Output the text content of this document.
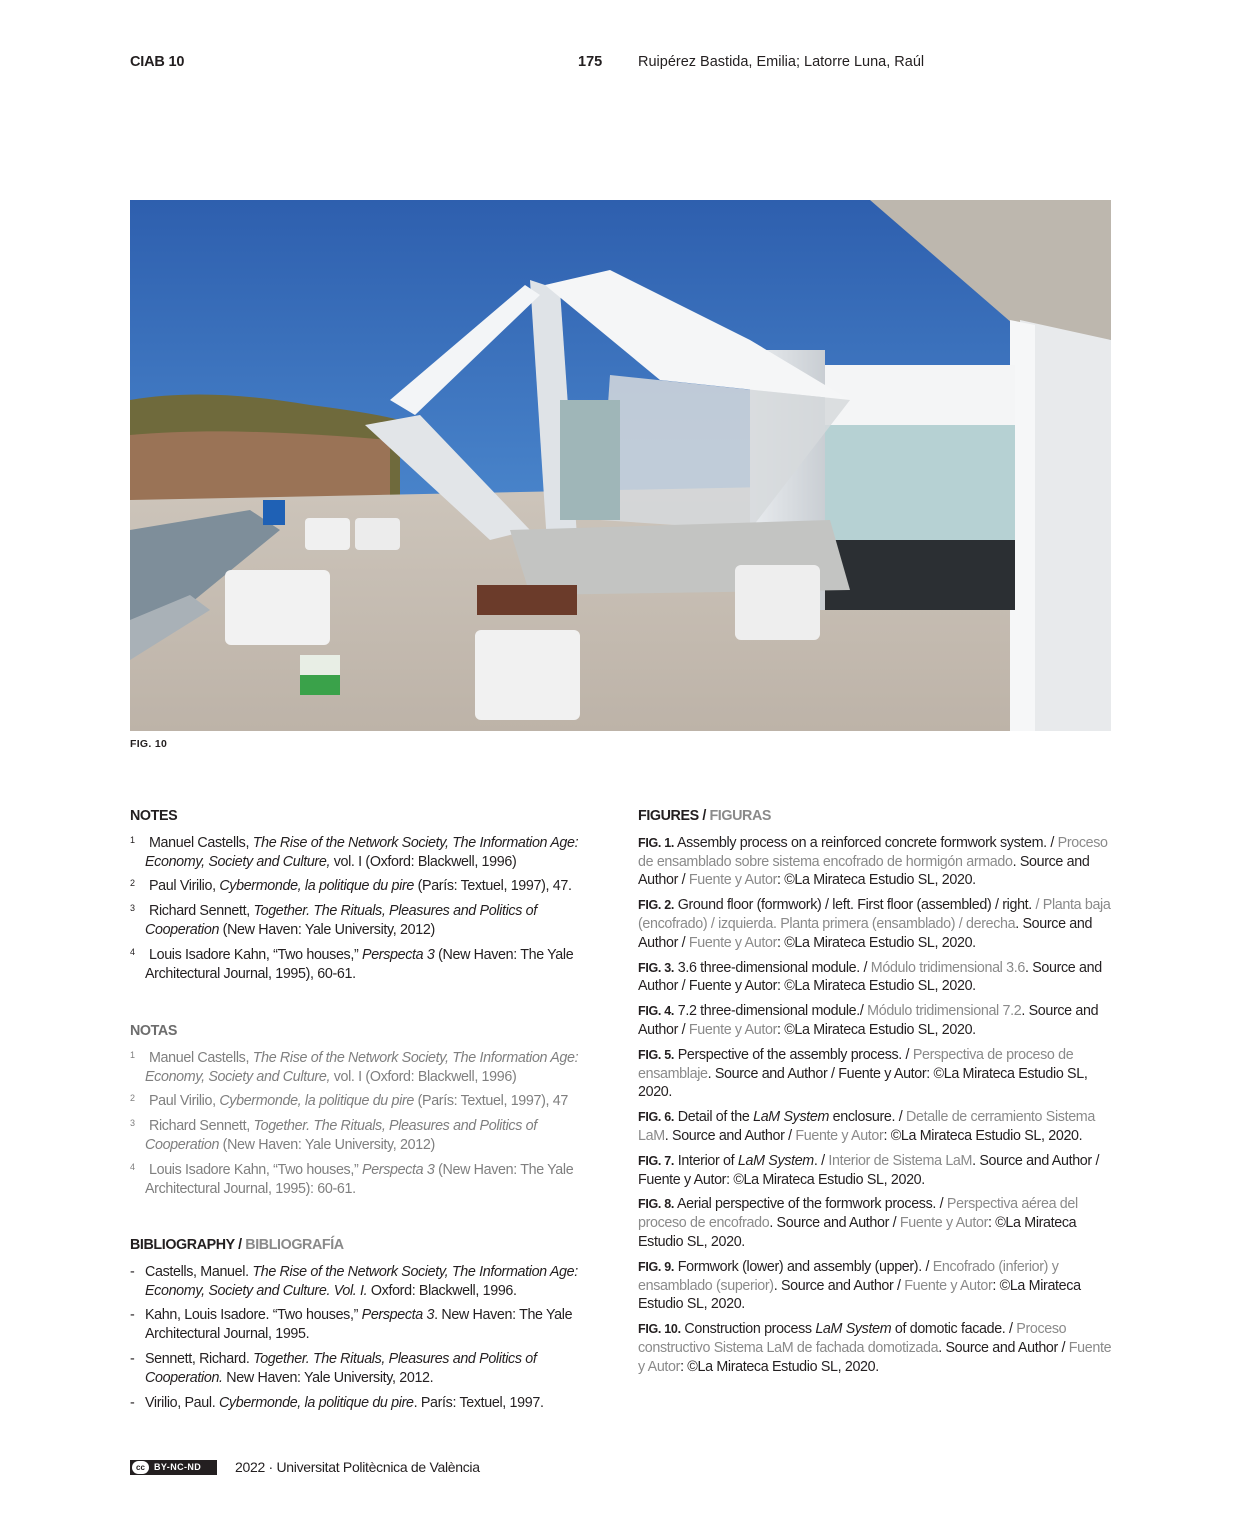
CIAB 10	175 Ruipérez Bastida, Emilia; Latorre Luna, Raúl
FIG. 10
NOTES
1 Manuel Castells, The Rise of the Network Society, The Information Age: Economy, Society and Culture, vol. I (Oxford: Blackwell, 1996)
2 Paul Virilio, Cybermonde, la politique du pire (París: Textuel, 1997), 47.
3 Richard Sennett, Together. The Rituals, Pleasures and Politics of Cooperation (New Haven: Yale University, 2012)
4 Louis Isadore Kahn, “Two houses,” Perspecta 3 (New Haven: The Yale Architectural Journal, 1995), 60-61.
NOTAS
1 Manuel Castells, The Rise of the Network Society, The Information Age: Economy, Society and Culture, vol. I (Oxford: Blackwell, 1996)
2 Paul Virilio, Cybermonde, la politique du pire (París: Textuel, 1997), 47
3 Richard Sennett, Together. The Rituals, Pleasures and Politics of Cooperation (New Haven: Yale University, 2012)
4 Louis Isadore Kahn, “Two houses,” Perspecta 3 (New Haven: The Yale Architectural Journal, 1995): 60-61.
BIBLIOGRAPHY / BIBLIOGRAFÍA
- Castells, Manuel. The Rise of the Network Society, The Information Age: Economy, Society and Culture. Vol. I. Oxford: Blackwell, 1996.
- Kahn, Louis Isadore. “Two houses,” Perspecta 3. New Haven: The Yale Architectural Journal, 1995.
- Sennett, Richard. Together. The Rituals, Pleasures and Politics of Cooperation. New Haven: Yale University, 2012.
- Virilio, Paul. Cybermonde, la politique du pire. París: Textuel, 1997.
FIGURES / FIGURAS
FIG. 1. Assembly process on a reinforced concrete formwork system. / Proceso de ensamblado sobre sistema encofrado de hormigón armado. Source and Author / Fuente y Autor: ©La Mirateca Estudio SL, 2020.
FIG. 2. Ground floor (formwork) / left. First floor (assembled) / right. / Planta baja (encofrado) / izquierda. Planta primera (ensamblado) / derecha. Source and Author / Fuente y Autor: ©La Mirateca Estudio SL, 2020.
FIG. 3. 3.6 three-dimensional module. / Módulo tridimensional 3.6. Source and Author / Fuente y Autor: ©La Mirateca Estudio SL, 2020.
FIG. 4. 7.2 three-dimensional module./ Módulo tridimensional 7.2. Source and Author / Fuente y Autor: ©La Mirateca Estudio SL, 2020.
FIG. 5. Perspective of the assembly process. / Perspectiva de proceso de ensamblaje. Source and Author / Fuente y Autor: ©La Mirateca Estudio SL, 2020.
FIG. 6. Detail of the LaM System enclosure. / Detalle de cerramiento Sistema LaM. Source and Author / Fuente y Autor: ©La Mirateca Estudio SL, 2020.
FIG. 7. Interior of LaM System. / Interior de Sistema LaM. Source and Author / Fuente y Autor: ©La Mirateca Estudio SL, 2020.
FIG. 8. Aerial perspective of the formwork process. / Perspectiva aérea del proceso de encofrado. Source and Author / Fuente y Autor: ©La Mirateca Estudio SL, 2020.
FIG. 9. Formwork (lower) and assembly (upper). / Encofrado (inferior) y ensamblado (superior). Source and Author / Fuente y Autor: ©La Mirateca Estudio SL, 2020.
FIG. 10. Construction process LaM System of domotic facade. / Proceso constructivo Sistema LaM de fachada domotizada. Source and Author / Fuente y Autor: ©La Mirateca Estudio SL, 2020.
cc	BY-NC-ND 2022 · Universitat Politècnica de València
